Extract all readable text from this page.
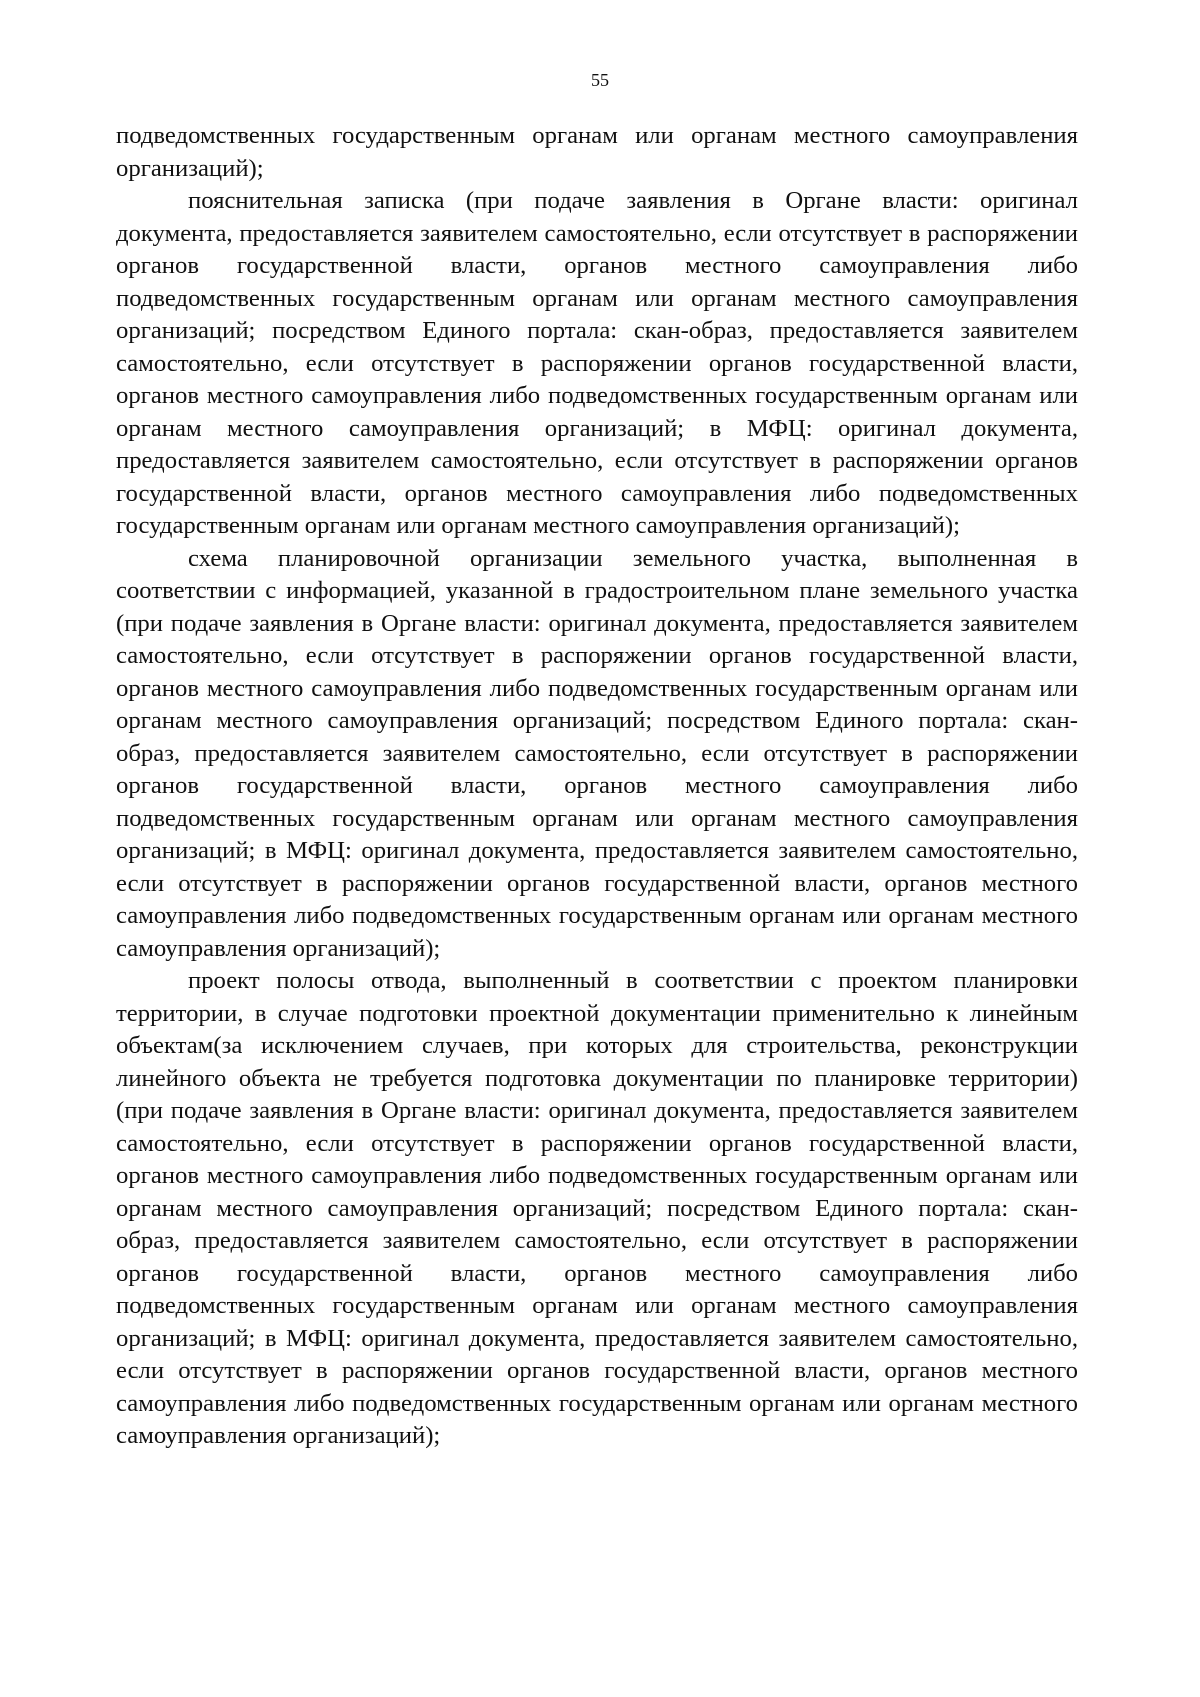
55

подведомственных государственным органам или органам местного самоуправления организаций);

пояснительная записка (при подаче заявления в Органе власти: оригинал документа, предоставляется заявителем самостоятельно, если отсутствует в распоряжении органов государственной власти, органов местного самоуправления либо подведомственных государственным органам или органам местного самоуправления организаций; посредством Единого портала: скан-образ, предоставляется заявителем самостоятельно, если отсутствует в распоряжении органов государственной власти, органов местного самоуправления либо подведомственных государственным органам или органам местного самоуправления организаций; в МФЦ: оригинал документа, предоставляется заявителем самостоятельно, если отсутствует в распоряжении органов государственной власти, органов местного самоуправления либо подведомственных государственным органам или органам местного самоуправления организаций);

схема планировочной организации земельного участка, выполненная в соответствии с информацией, указанной в градостроительном плане земельного участка (при подаче заявления в Органе власти: оригинал документа, предоставляется заявителем самостоятельно, если отсутствует в распоряжении органов государственной власти, органов местного самоуправления либо подведомственных государственным органам или органам местного самоуправления организаций; посредством Единого портала: скан-образ, предоставляется заявителем самостоятельно, если отсутствует в распоряжении органов государственной власти, органов местного самоуправления либо подведомственных государственным органам или органам местного самоуправления организаций; в МФЦ: оригинал документа, предоставляется заявителем самостоятельно, если отсутствует в распоряжении органов государственной власти, органов местного самоуправления либо подведомственных государственным органам или органам местного самоуправления организаций);

проект полосы отвода, выполненный в соответствии с проектом планировки территории, в случае подготовки проектной документации применительно к линейным объектам(за исключением случаев, при которых для строительства, реконструкции линейного объекта не требуется подготовка документации по планировке территории) (при подаче заявления в Органе власти: оригинал документа, предоставляется заявителем самостоятельно, если отсутствует в распоряжении органов государственной власти, органов местного самоуправления либо подведомственных государственным органам или органам местного самоуправления организаций; посредством Единого портала: скан-образ, предоставляется заявителем самостоятельно, если отсутствует в распоряжении органов государственной власти, органов местного самоуправления либо подведомственных государственным органам или органам местного самоуправления организаций; в МФЦ: оригинал документа, предоставляется заявителем самостоятельно, если отсутствует в распоряжении органов государственной власти, органов местного самоуправления либо подведомственных государственным органам или органам местного самоуправления организаций);
